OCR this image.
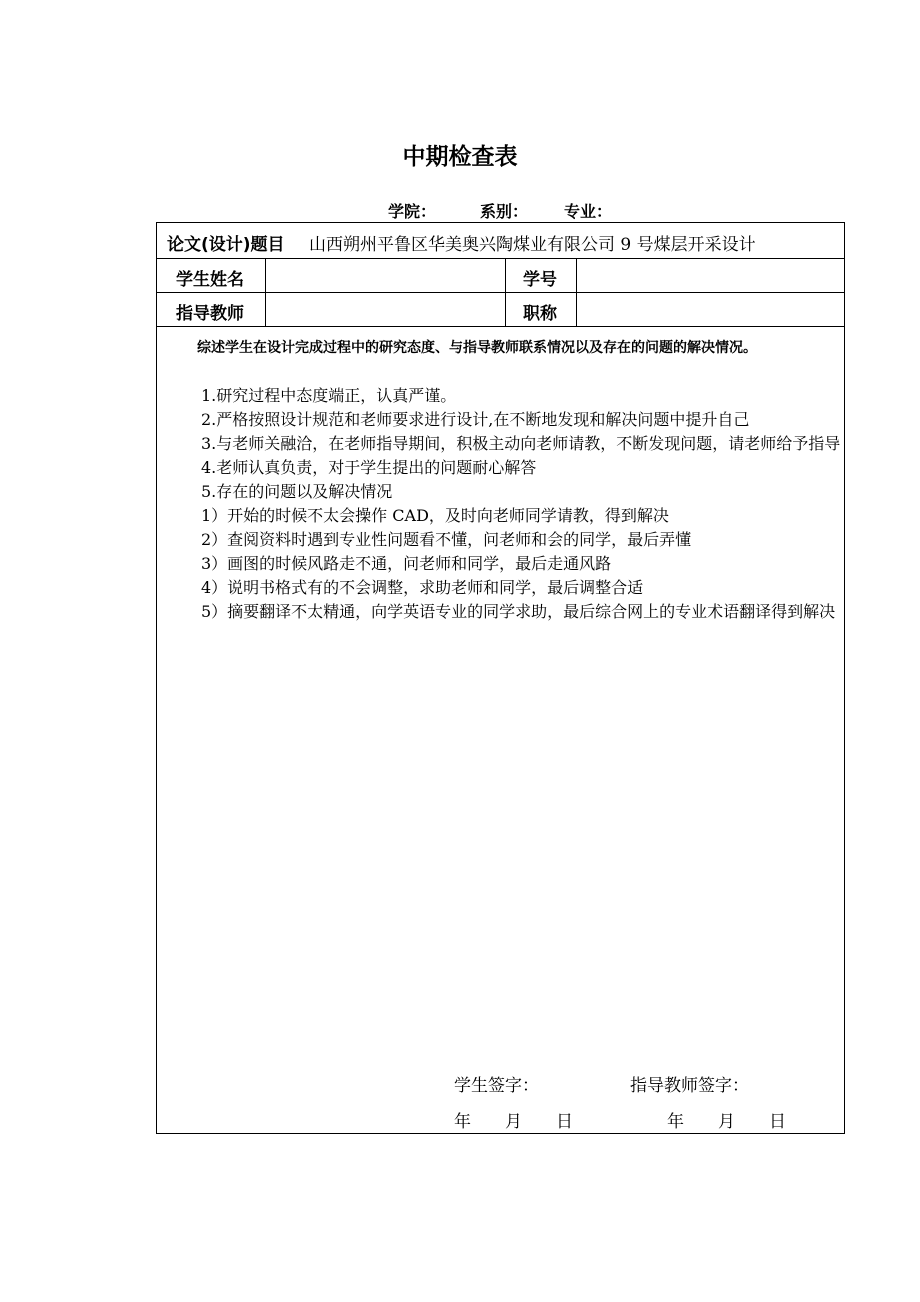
中期检查表
学院：	系别： 专业：
论文(设计)题目 山西朔州平鲁区华美奥兴陶煤业有限公司 9 号煤层开采设计
学生姓名	学号
指导教师	职称
综述学生在设计完成过程中的研究态度、与指导教师联系情况以及存在的问题的解决情况。

1.研究过程中态度端正，认真严谨。

2.严格按照设计规范和老师要求进行设计,在不断地发现和解决问题中提升自己

3.与老师关融洽，在老师指导期间，积极主动向老师请教，不断发现问题，请老师给予指导

4.老师认真负责，对于学生提出的问题耐心解答

5.存在的问题以及解决情况

1）开始的时候不太会操作 CAD，及时向老师同学请教，得到解决

2）查阅资料时遇到专业性问题看不懂，问老师和会的同学，最后弄懂

3）画图的时候风路走不通，问老师和同学，最后走通风路

4）说明书格式有的不会调整，求助老师和同学，最后调整合适

5）摘要翻译不太精通，向学英语专业的同学求助，最后综合网上的专业术语翻译得到解决

学生签字：	指导教师签字：
年　　月　　日	年　　月　　日
